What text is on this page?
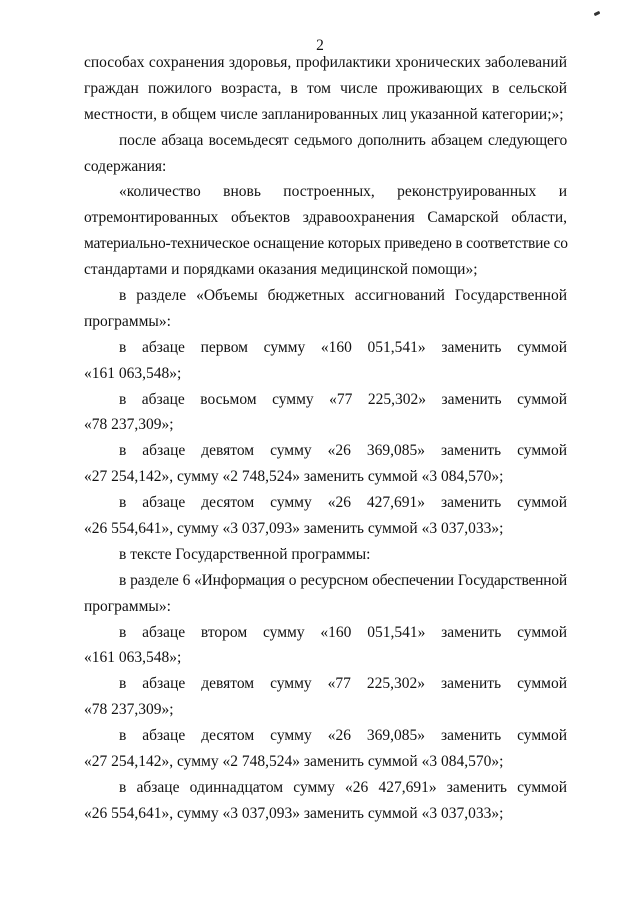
2

способах сохранения здоровья, профилактики хронических заболеваний

граждан пожилого возраста, в том числе проживающих в сельской

местности, в общем числе запланированных лиц указанной категории;»;

после абзаца восемьдесят седьмого дополнить абзацем следующего

содержания:

«количество вновь построенных, реконструированных и

отремонтированных объектов здравоохранения Самарской области,

материально-техническое оснащение которых приведено в соответствие со

стандартами и порядками оказания медицинской помощи»;

в разделе «Объемы бюджетных ассигнований Государственной

программы»:

в абзаце первом сумму «160 051,541» заменить суммой

«161 063,548»;

в абзаце восьмом сумму «77 225,302» заменить суммой

«78 237,309»;

в абзаце девятом сумму «26 369,085» заменить суммой

«27 254,142», сумму «2 748,524» заменить суммой «3 084,570»;

в абзаце десятом сумму «26 427,691» заменить суммой

«26 554,641», сумму «3 037,093» заменить суммой «3 037,033»;

в тексте Государственной программы:

в разделе 6 «Информация о ресурсном обеспечении Государственной

программы»:

в абзаце втором сумму «160 051,541» заменить суммой

«161 063,548»;

в абзаце девятом сумму «77 225,302» заменить суммой

«78 237,309»;

в абзаце десятом сумму «26 369,085» заменить суммой

«27 254,142», сумму «2 748,524» заменить суммой «3 084,570»;

в абзаце одиннадцатом сумму «26 427,691» заменить суммой

«26 554,641», сумму «3 037,093» заменить суммой «3 037,033»;
